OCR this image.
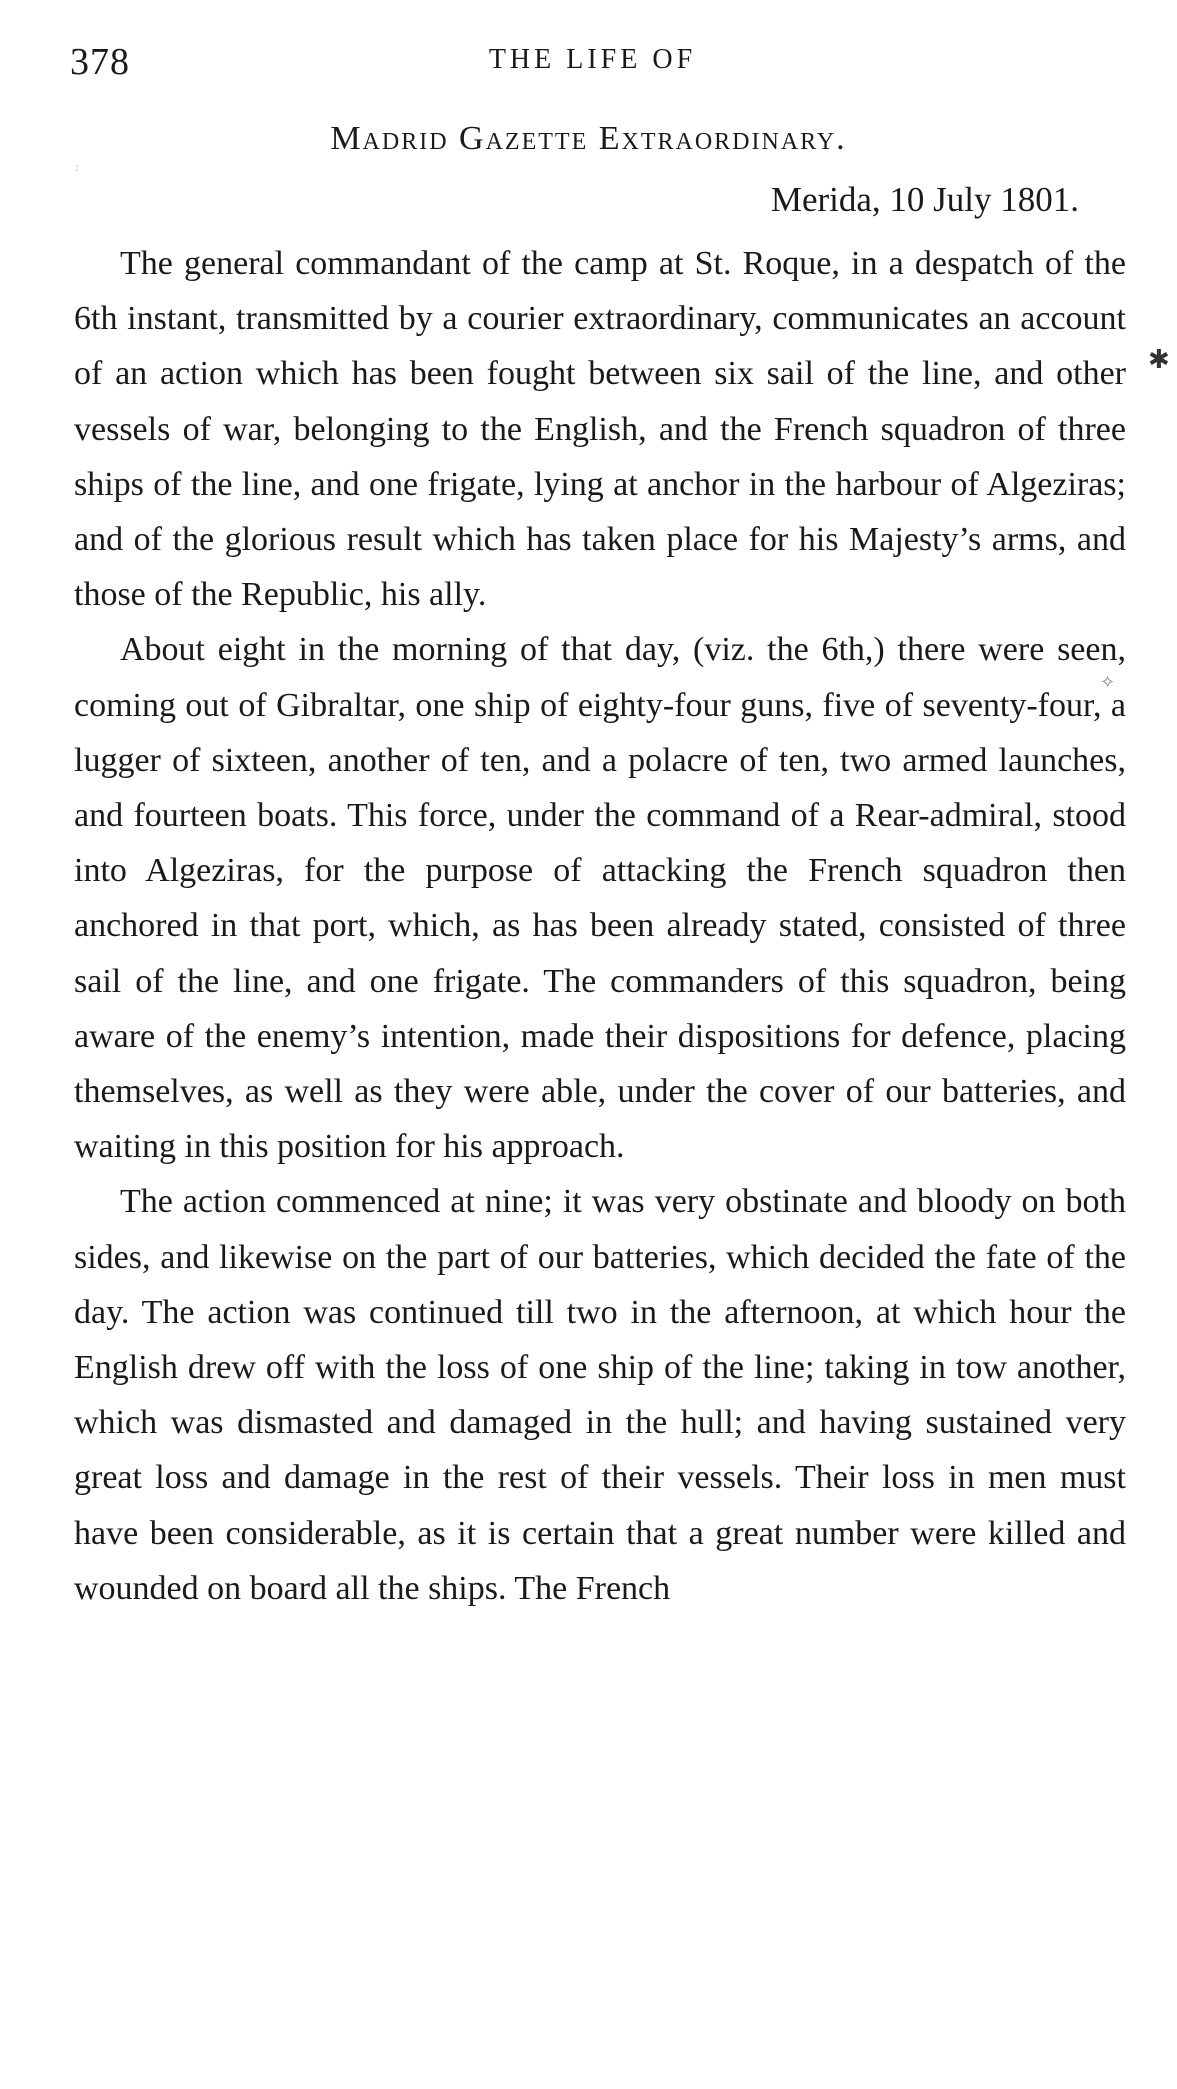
378	THE LIFE OF
Madrid Gazette Extraordinary.
Merida, 10 July 1801.

The general commandant of the camp at St. Roque, in a despatch of the 6th instant, transmitted by a courier extraordinary, communicates an account of an action which has been fought between six sail of the line, and other vessels of war, belonging to the English, and the French squadron of three ships of the line, and one frigate, lying at anchor in the harbour of Algeziras; and of the glorious result which has taken place for his Majesty’s arms, and those of the Republic, his ally.

About eight in the morning of that day, (viz. the 6th,) there were seen, coming out of Gibraltar, one ship of eighty-four guns, five of seventy-four, a lugger of sixteen, another of ten, and a polacre of ten, two armed launches, and fourteen boats. This force, under the command of a Rear-admiral, stood into Algeziras, for the purpose of attacking the French squadron then anchored in that port, which, as has been already stated, consisted of three sail of the line, and one frigate. The commanders of this squadron, being aware of the enemy’s intention, made their dispositions for defence, placing themselves, as well as they were able, under the cover of our batteries, and waiting in this position for his approach.

The action commenced at nine; it was very obstinate and bloody on both sides, and likewise on the part of our batteries, which decided the fate of the day. The action was continued till two in the afternoon, at which hour the English drew off with the loss of one ship of the line; taking in tow another, which was dismasted and damaged in the hull; and having sustained very great loss and damage in the rest of their vessels. Their loss in men must have been considerable, as it is certain that a great number were killed and wounded on board all the ships. The French

✱
✧
:
